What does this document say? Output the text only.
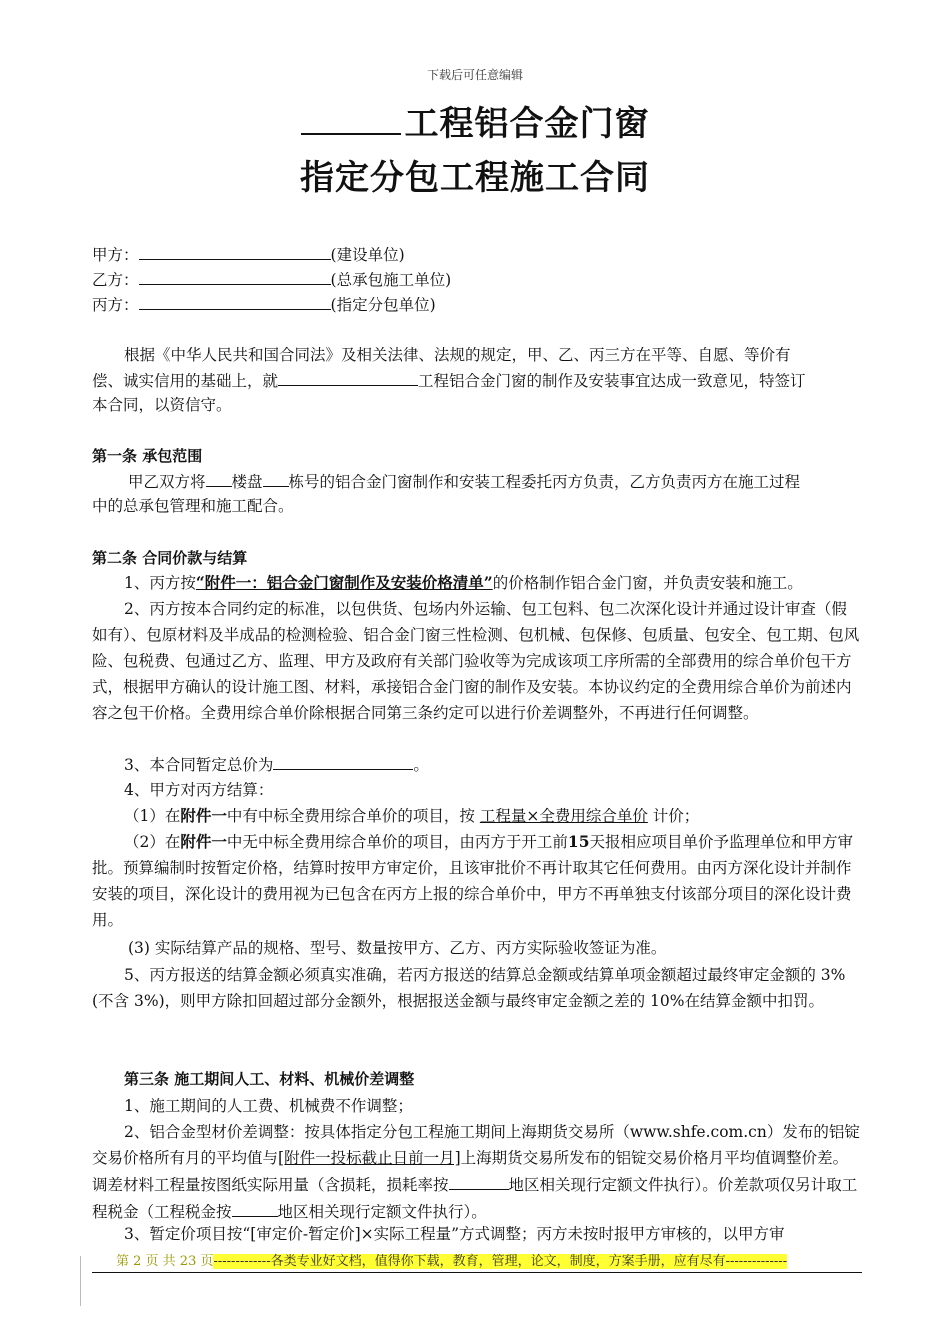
下载后可任意编辑
工程铝合金门窗
指定分包工程施工合同
甲方：	(建设单位)
乙方：	(总承包施工单位)
丙方：	(指定分包单位)
根据《中华人民共和国合同法》及相关法律、法规的规定，甲、乙、丙三方在平等、自愿、等价有
偿、诚实信用的基础上，就	工程铝合金门窗的制作及安装事宜达成一致意见，特签订
本合同，以资信守。
第一条 承包范围
甲乙双方将 楼盘 栋号的铝合金门窗制作和安装工程委托丙方负责，乙方负责丙方在施工过程
中的总承包管理和施工配合。
第二条 合同价款与结算
1、丙方按“附件一：铝合金门窗制作及安装价格清单”的价格制作铝合金门窗，并负责安装和施工。
2、丙方按本合同约定的标准，以包供货、包场内外运输、包工包料、包二次深化设计并通过设计审查（假如有）、包原材料及半成品的检测检验、铝合金门窗三性检测、包机械、包保修、包质量、包安全、包工期、包风险、包税费、包通过乙方、监理、甲方及政府有关部门验收等为完成该项工序所需的全部费用的综合单价包干方式，根据甲方确认的设计施工图、材料，承接铝合金门窗的制作及安装。本协议约定的全费用综合单价为前述内容之包干价格。全费用综合单价除根据合同第三条约定可以进行价差调整外，不再进行任何调整。
3、本合同暂定总价为	。
4、甲方对丙方结算：
（1）在附件一中有中标全费用综合单价的项目，按 工程量×全费用综合单价 计价；
（2）在附件一中无中标全费用综合单价的项目，由丙方于开工前15天报相应项目单价予监理单位和甲方审批。预算编制时按暂定价格，结算时按甲方审定价，且该审批价不再计取其它任何费用。由丙方深化设计并制作安装的项目，深化设计的费用视为已包含在丙方上报的综合单价中，甲方不再单独支付该部分项目的深化设计费用。
(3) 实际结算产品的规格、型号、数量按甲方、乙方、丙方实际验收签证为准。
5、丙方报送的结算金额必须真实准确，若丙方报送的结算总金额或结算单项金额超过最终审定金额的 3%(不含 3%)，则甲方除扣回超过部分金额外，根据报送金额与最终审定金额之差的 10%在结算金额中扣罚。
第三条 施工期间人工、材料、机械价差调整
1、施工期间的人工费、机械费不作调整；
2、铝合金型材价差调整：按具体指定分包工程施工期间上海期货交易所（www.shfe.com.cn）发布的铝锭交易价格所有月的平均值与[附件一投标截止日前一月]上海期货交易所发布的铝锭交易价格月平均值调整价差。调差材料工程量按图纸实际用量（含损耗，损耗率按	地区相关现行定额文件执行）。价差款项仅另计取工程税金（工程税金按	地区相关现行定额文件执行）。
3、暂定价项目按“[审定价-暂定价]×实际工程量”方式调整；丙方未按时报甲方审核的，以甲方审
第 2 页 共 23 页-------------各类专业好文档，值得你下载，教育，管理，论文，制度，方案手册，应有尽有--------------
